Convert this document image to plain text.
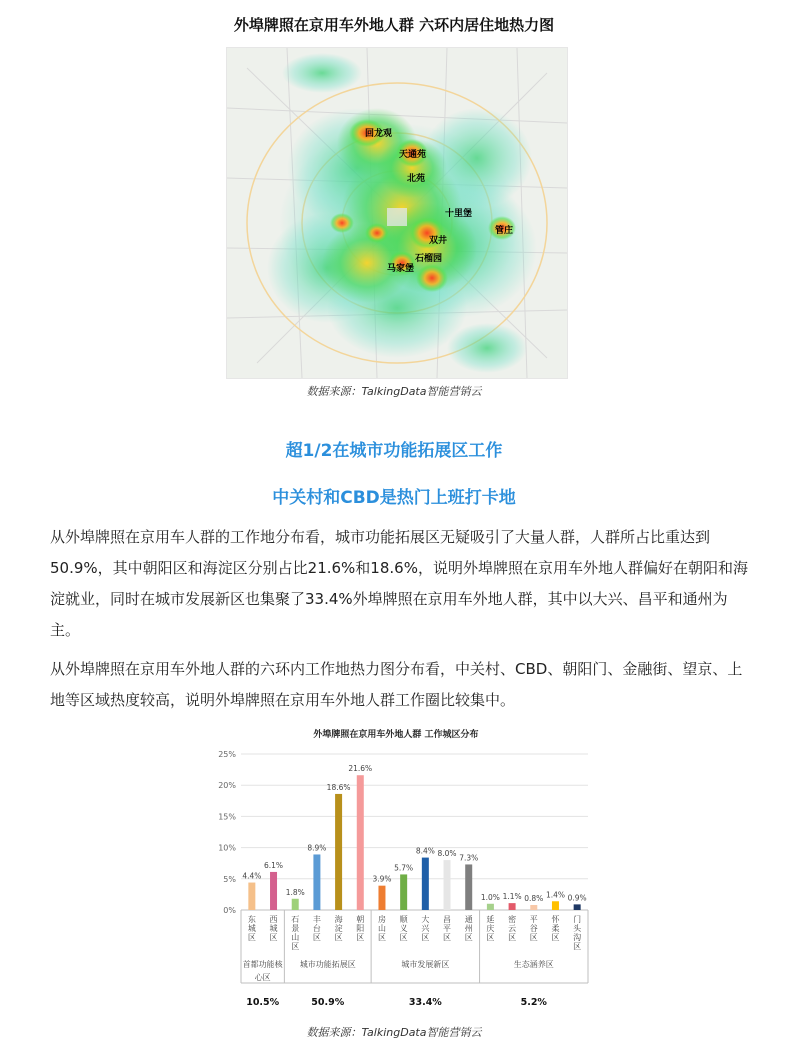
外埠牌照在京用车外地人群 六环内居住地热力图
回龙观
天通苑
北苑
十里堡
双井
管庄
石榴园
马家堡
数据来源：TalkingData智能营销云
超1/2在城市功能拓展区工作
中关村和CBD是热门上班打卡地

从外埠牌照在京用车人群的工作地分布看，城市功能拓展区无疑吸引了大量人群，人群所占比重达到50.9%，其中朝阳区和海淀区分别占比21.6%和18.6%，说明外埠牌照在京用车外地人群偏好在朝阳和海淀就业，同时在城市发展新区也集聚了33.4%外埠牌照在京用车外地人群，其中以大兴、昌平和通州为主。

从外埠牌照在京用车外地人群的六环内工作地热力图分布看，中关村、CBD、朝阳门、金融街、望京、上地等区域热度较高，说明外埠牌照在京用车外地人群工作圈比较集中。

外埠牌照在京用车外地人群 工作城区分布
0%
5%
10%
15%
20%
25%
4.4%
东城区
6.1%
西城区
1.8%
石景山区
8.9%
丰台区
18.6%
海淀区
21.6%
朝阳区
3.9%
房山区
5.7%
顺义区
8.4%
大兴区
8.0%
昌平区
7.3%
通州区
1.0%
延庆区
1.1%
密云区
0.8%
平谷区
1.4%
怀柔区
0.9%
门头沟区
首都功能核心区
10.5%
城市功能拓展区
50.9%
城市发展新区
33.4%
生态涵养区
5.2%
数据来源：TalkingData智能营销云
